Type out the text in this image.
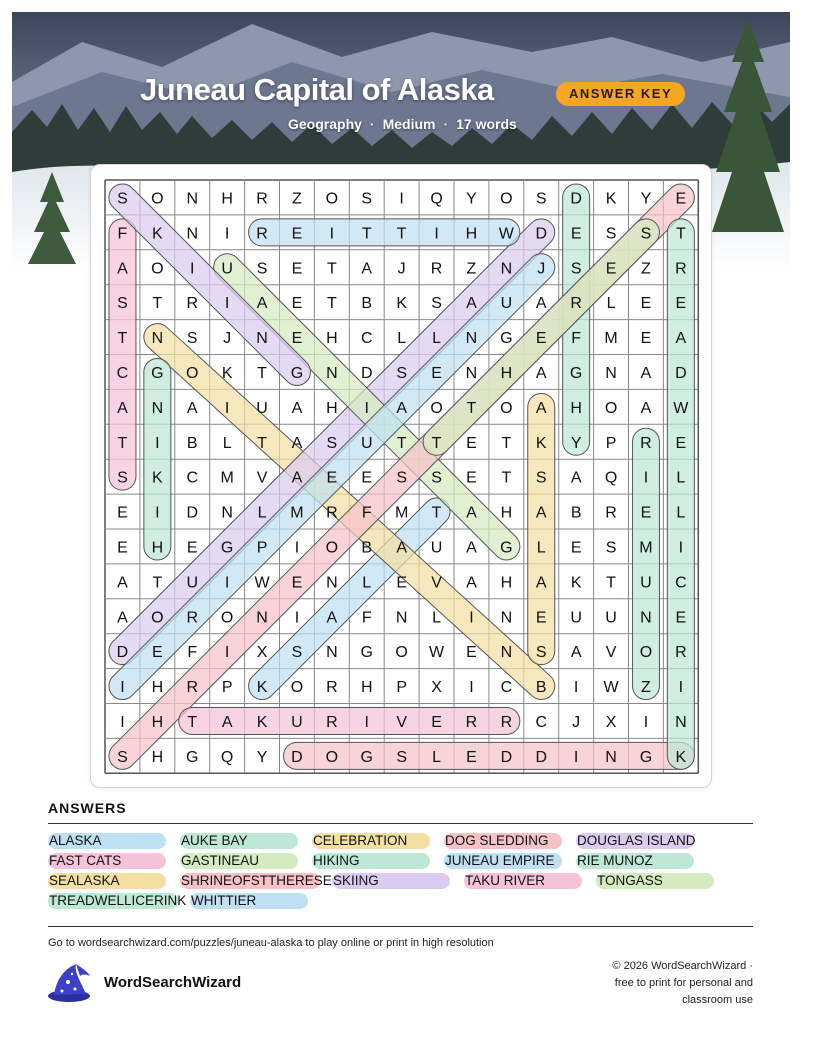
Juneau Capital of Alaska	ANSWER KEY
Geography · Medium · 17 words
S O N H R Z O S I Q Y O S D K Y E
F K N I R E I T T I H W D E S S T
A O I U S E T A J R Z N J S E Z R
S T R I A E T B K S A U A R L E E
T N S J N E H C L L N G E F M E A
C G O K T G N D S E N H A G N A D
A N A I U A H I A O T O A H O A W
T I B L T A S U T T E T K Y P R E
S K C M V A E E S S E T S A Q I L
E I D N L M R F M T A H A B R E L
E H E G P I O B A U A G L E S M I
A T U I W E N L E V A H A K T U C
A O R O N I A F N L I N E U U N E
D E F I X S N G O W E N S A V O R
I H R P K O R H P X I C B I W Z I
I H T A K U R I V E R R C J X I N
S H G Q Y D O G S L E D D I N G K
ANSWERS
ALASKA	AUKE BAY	CELEBRATION	DOG SLEDDING DOUGLAS ISLAND
FAST CATS	GASTINEAU	HIKING	JUNEAU EMPIRE RIE MUNOZ
SEALASKA	SHRINEOFSTTHERESE SKIING	TAKU RIVER	TONGASS
TREADWELLICERINK WHITTIER
Go to wordsearchwizard.com/puzzles/juneau-alaska to play online or print in high resolution
WordSearchWizard
© 2026 WordSearchWizard ·
free to print for personal and
classroom use
